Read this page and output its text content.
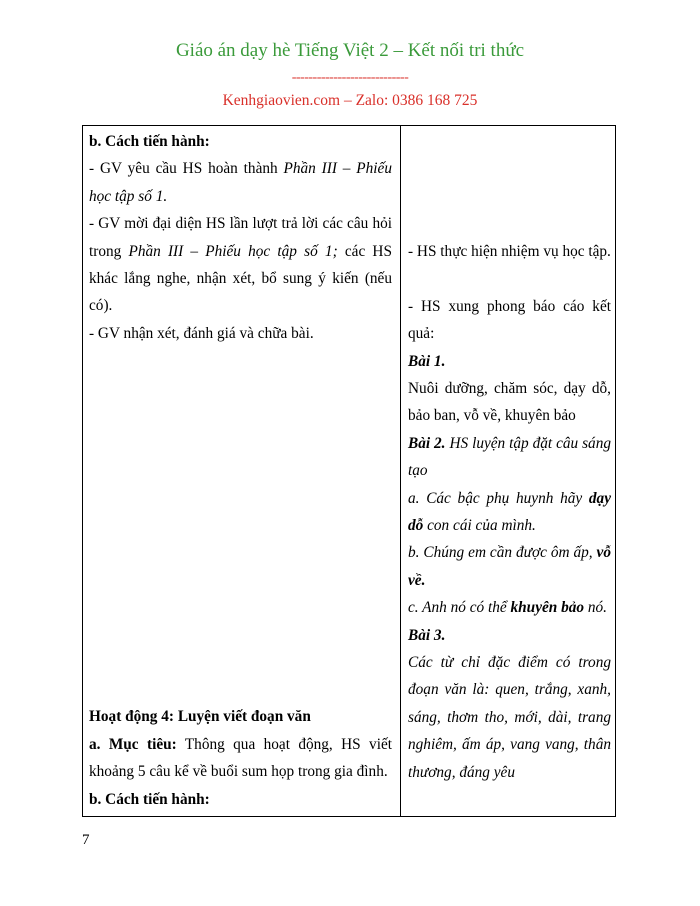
Giáo án dạy hè Tiếng Việt 2 – Kết nối tri thức
----------------------------
Kenhgiaovien.com – Zalo: 0386 168 725

b. Cách tiến hành:

- GV yêu cầu HS hoàn thành Phần III – Phiếu

học tập số 1.

- GV mời đại diện HS lần lượt trả lời các câu hỏi

trong Phần III – Phiếu học tập số 1; các HS

khác lắng nghe, nhận xét, bổ sung ý kiến (nếu

có).

- GV nhận xét, đánh giá và chữa bài.

Hoạt động 4: Luyện viết đoạn văn

a. Mục tiêu: Thông qua hoạt động, HS viết

khoảng 5 câu kể về buổi sum họp trong gia đình.

b. Cách tiến hành:

- HS thực hiện nhiệm vụ học tập.

- HS xung phong báo cáo kết

quả:

Bài 1.

Nuôi dưỡng, chăm sóc, dạy dỗ,

bảo ban, vỗ về, khuyên bảo

Bài 2. HS luyện tập đặt câu sáng

tạo

a. Các bậc phụ huynh hãy dạy

dỗ con cái của mình.

b. Chúng em cần được ôm ấp, vỗ

về.

c. Anh nó có thể khuyên bảo nó.

Bài 3.

Các từ chỉ đặc điểm có trong

đoạn văn là: quen, trắng, xanh,

sáng, thơm tho, mới, dài, trang

nghiêm, ấm áp, vang vang, thân

thương, đáng yêu

7
